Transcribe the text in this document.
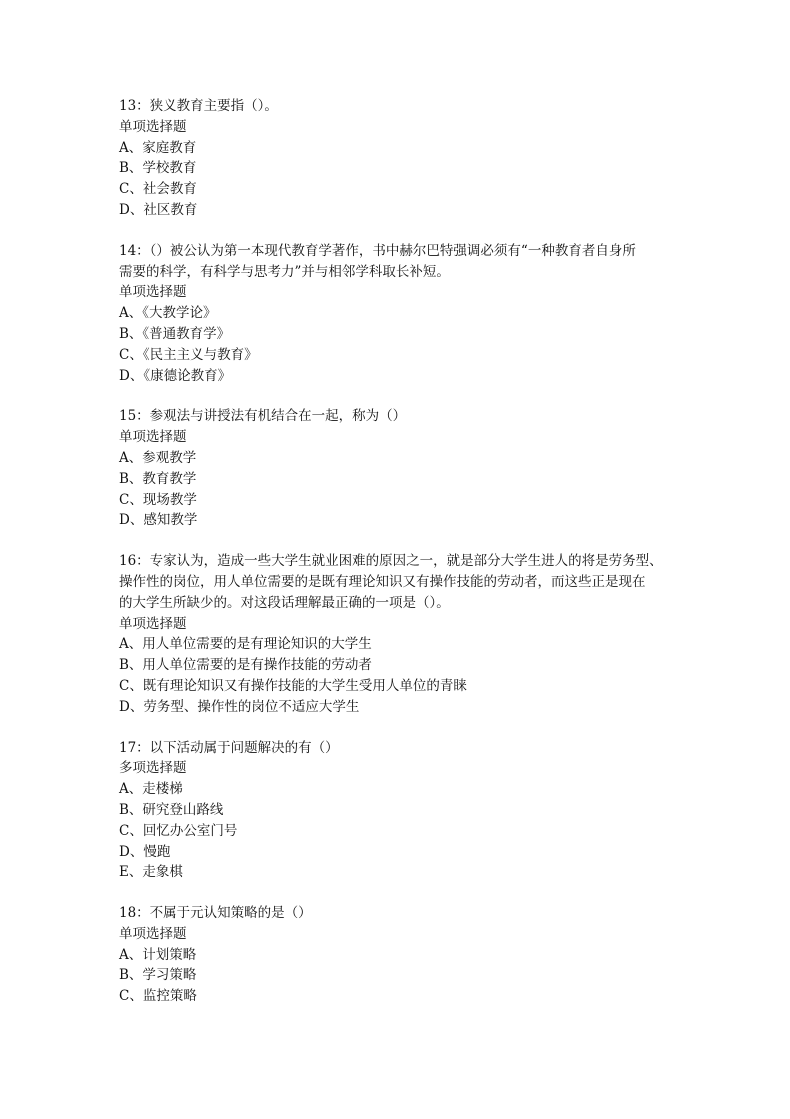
13：狭义教育主要指（）。
单项选择题
A、家庭教育
B、学校教育
C、社会教育
D、社区教育
14：（）被公认为第一本现代教育学著作，书中赫尔巴特强调必须有“一种教育者自身所
需要的科学，有科学与思考力”并与相邻学科取长补短。
单项选择题
A、《大教学论》
B、《普通教育学》
C、《民主主义与教育》
D、《康德论教育》
15：参观法与讲授法有机结合在一起，称为（）
单项选择题
A、参观教学
B、教育教学
C、现场教学
D、感知教学
16：专家认为，造成一些大学生就业困难的原因之一，就是部分大学生进人的将是劳务型、
操作性的岗位，用人单位需要的是既有理论知识又有操作技能的劳动者，而这些正是现在
的大学生所缺少的。对这段话理解最正确的一项是（）。
单项选择题
A、用人单位需要的是有理论知识的大学生
B、用人单位需要的是有操作技能的劳动者
C、既有理论知识又有操作技能的大学生受用人单位的青睐
D、劳务型、操作性的岗位不适应大学生
17：以下活动属于问题解决的有（）
多项选择题
A、走楼梯
B、研究登山路线
C、回忆办公室门号
D、慢跑
E、走象棋
18：不属于元认知策略的是（）
单项选择题
A、计划策略
B、学习策略
C、监控策略
